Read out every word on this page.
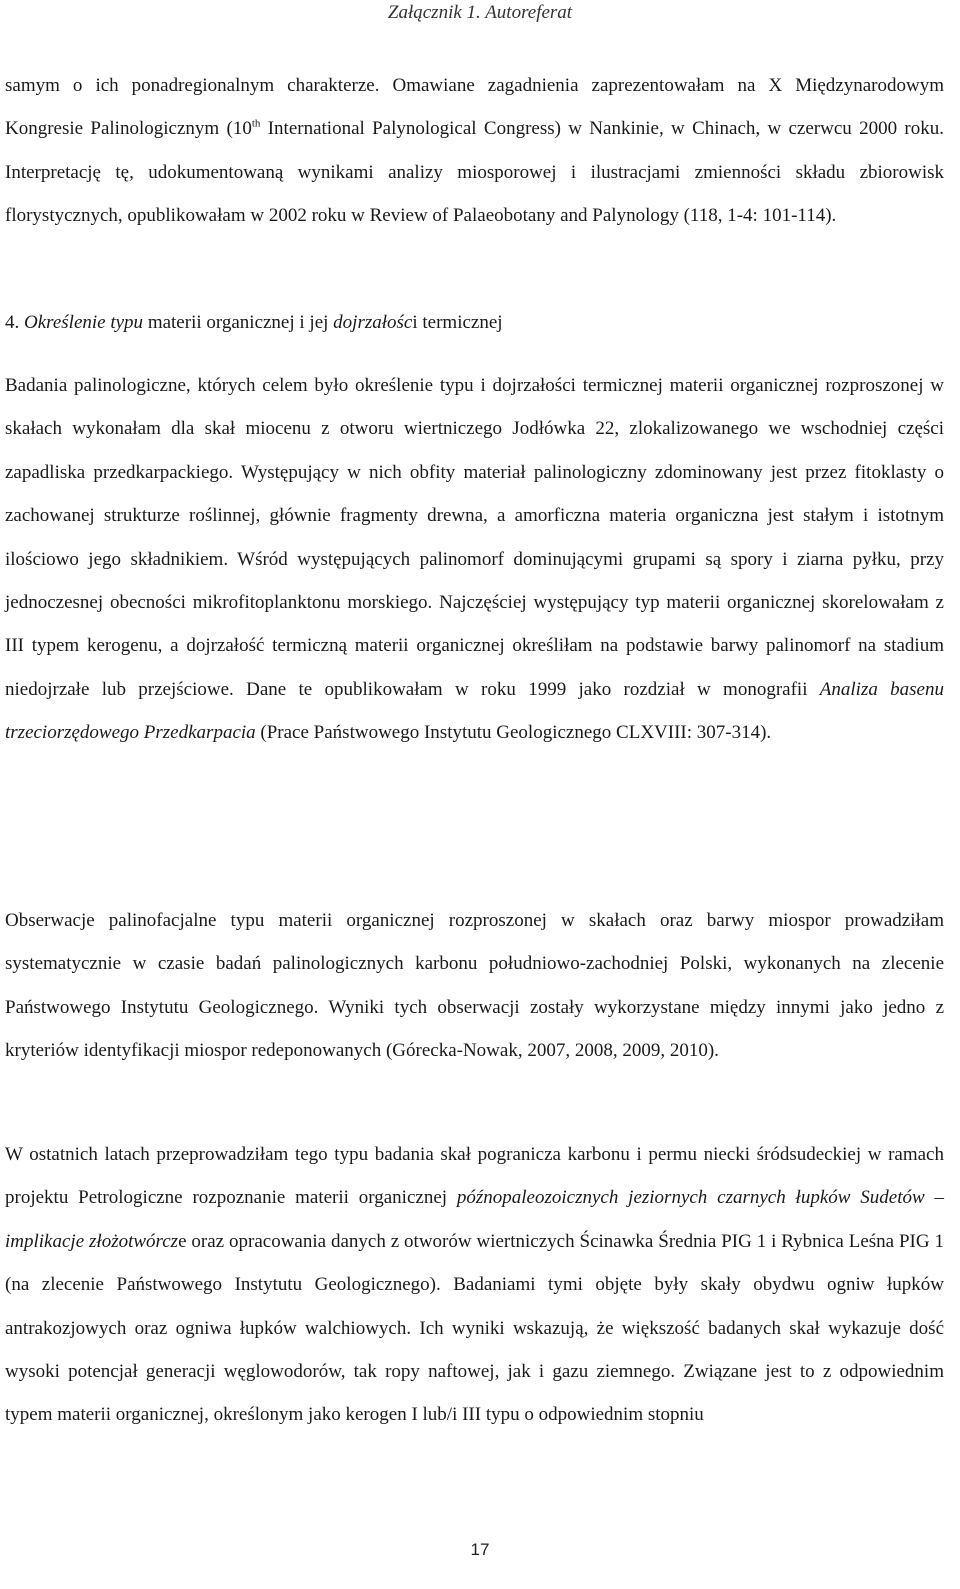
Załącznik 1. Autoreferat
samym o ich ponadregionalnym charakterze. Omawiane zagadnienia zaprezentowałam na X Międzynarodowym Kongresie Palinologicznym (10th International Palynological Congress) w Nankinie, w Chinach, w czerwcu 2000 roku. Interpretację tę, udokumentowaną wynikami analizy miosporowej i ilustracjami zmienności składu zbiorowisk florystycznych, opublikowałam w 2002 roku w Review of Palaeobotany and Palynology (118, 1-4: 101-114).
4. Określenie typu materii organicznej i jej dojrzałości termicznej
Badania palinologiczne, których celem było określenie typu i dojrzałości termicznej materii organicznej rozproszonej w skałach wykonałam dla skał miocenu z otworu wiertniczego Jodłówka 22, zlokalizowanego we wschodniej części zapadliska przedkarpackiego. Występujący w nich obfity materiał palinologiczny zdominowany jest przez fitoklasty o zachowanej strukturze roślinnej, głównie fragmenty drewna, a amorficzna materia organiczna jest stałym i istotnym ilościowo jego składnikiem. Wśród występujących palinomorf dominującymi grupami są spory i ziarna pyłku, przy jednoczesnej obecności mikrofitoplanktonu morskiego. Najczęściej występujący typ materii organicznej skorelowałam z III typem kerogenu, a dojrzałość termiczną materii organicznej określiłam na podstawie barwy palinomorf na stadium niedojrzałe lub przejściowe. Dane te opublikowałam w roku 1999 jako rozdział w monografii Analiza basenu trzeciorzędowego Przedkarpacia (Prace Państwowego Instytutu Geologicznego CLXVIII: 307-314).
Obserwacje palinofacjalne typu materii organicznej rozproszonej w skałach oraz barwy miospor prowadziłam systematycznie w czasie badań palinologicznych karbonu południowo-zachodniej Polski, wykonanych na zlecenie Państwowego Instytutu Geologicznego. Wyniki tych obserwacji zostały wykorzystane między innymi jako jedno z kryteriów identyfikacji miospor redeponowanych (Górecka-Nowak, 2007, 2008, 2009, 2010).
W ostatnich latach przeprowadziłam tego typu badania skał pogranicza karbonu i permu niecki śródsudeckiej w ramach projektu Petrologiczne rozpoznanie materii organicznej późnopaleozoicznych jeziornych czarnych łupków Sudetów – implikacje złożotwórcze oraz opracowania danych z otworów wiertniczych Ścinawka Średnia PIG 1 i Rybnica Leśna PIG 1 (na zlecenie Państwowego Instytutu Geologicznego). Badaniami tymi objęte były skały obydwu ogniw łupków antrakozjowych oraz ogniwa łupków walchiowych. Ich wyniki wskazują, że większość badanych skał wykazuje dość wysoki potencjał generacji węglowodorów, tak ropy naftowej, jak i gazu ziemnego. Związane jest to z odpowiednim typem materii organicznej, określonym jako kerogen I lub/i III typu o odpowiednim stopniu
17
